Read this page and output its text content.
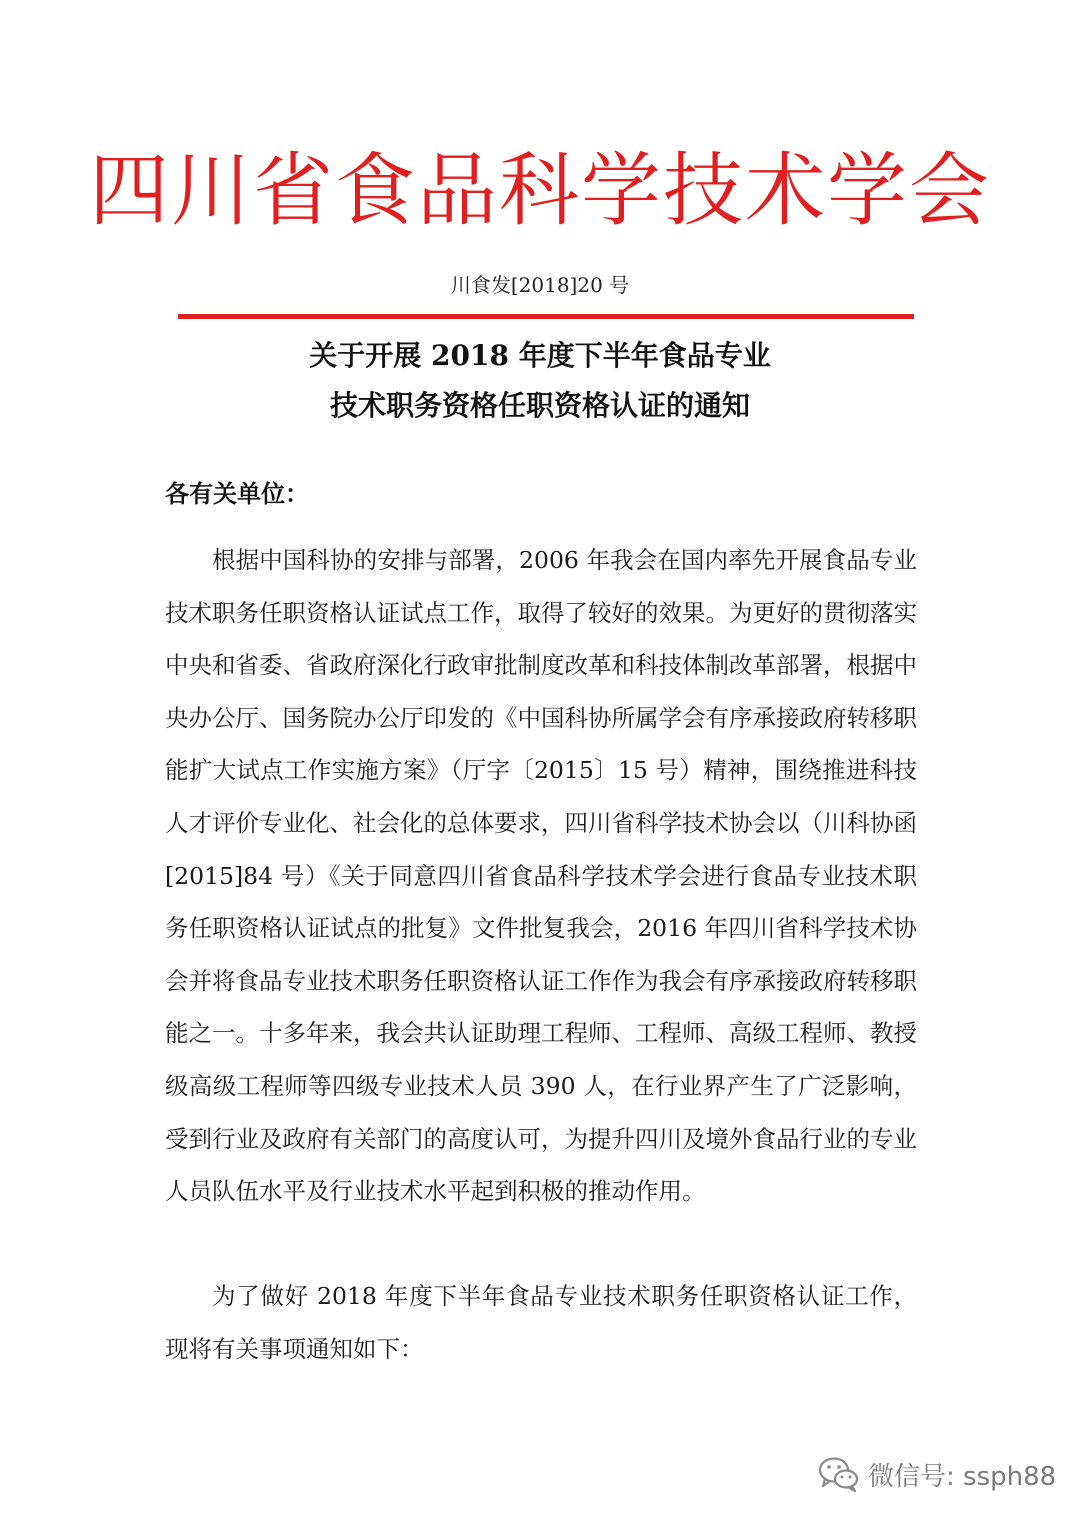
四川省食品科学技术学会
川食发[2018]20 号
关于开展 2018 年度下半年食品专业
技术职务资格任职资格认证的通知
各有关单位：

根据中国科协的安排与部署，2006 年我会在国内率先开展食品专业技术职务任职资格认证试点工作，取得了较好的效果。为更好的贯彻落实中央和省委、省政府深化行政审批制度改革和科技体制改革部署，根据中央办公厅、国务院办公厅印发的《中国科协所属学会有序承接政府转移职能扩大试点工作实施方案》（厅字〔2015〕15 号）精神，围绕推进科技人才评价专业化、社会化的总体要求，四川省科学技术协会以（川科协函[2015]84 号）《关于同意四川省食品科学技术学会进行食品专业技术职务任职资格认证试点的批复》文件批复我会，2016 年四川省科学技术协会并将食品专业技术职务任职资格认证工作作为我会有序承接政府转移职能之一。十多年来，我会共认证助理工程师、工程师、高级工程师、教授级高级工程师等四级专业技术人员 390 人，在行业界产生了广泛影响，受到行业及政府有关部门的高度认可，为提升四川及境外食品行业的专业人员队伍水平及行业技术水平起到积极的推动作用。

为了做好 2018 年度下半年食品专业技术职务任职资格认证工作，现将有关事项通知如下：

微信号: ssph88
